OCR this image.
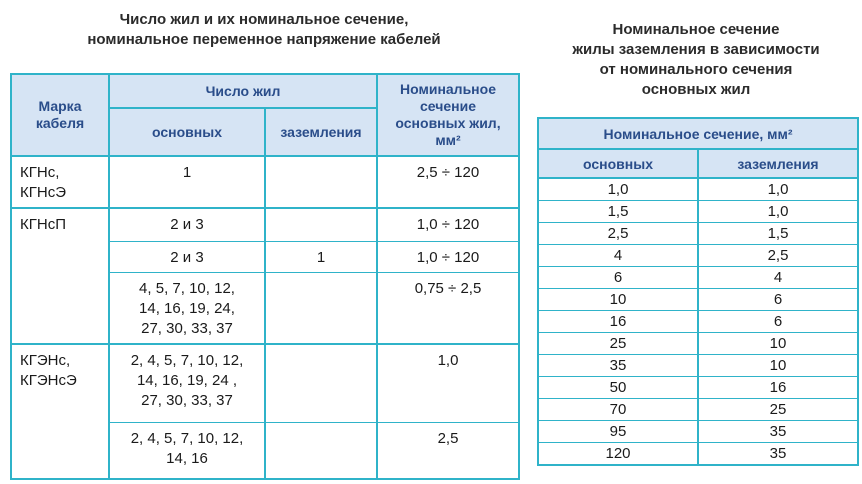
Число жил и их номинальное сечение,
номинальное переменное напряжение кабелей
Марка кабеля	Число жил		Номинальное сечение основных жил, мм²
	основных	заземления	
КГНс,
КГНсЭ	1		2,5 ÷ 120
КГНсП	2 и 3		1,0 ÷ 120
	2 и 3	1	1,0 ÷ 120
	4, 5, 7, 10, 12,
14, 16, 19, 24,
27, 30, 33, 37		0,75 ÷ 2,5
КГЭНс,
КГЭНсЭ	2, 4, 5, 7, 10, 12,
14, 16, 19, 24 ,
27, 30, 33, 37		1,0
	2, 4, 5, 7, 10, 12,
14, 16		2,5
Номинальное сечение
жилы заземления в зависимости
от номинального сечения
основных жил
Номинальное сечение, мм²	
основных	заземления
1,0	1,0
1,5	1,0
2,5	1,5
4	2,5
6	4
10	6
16	6
25	10
35	10
50	16
70	25
95	35
120	35
